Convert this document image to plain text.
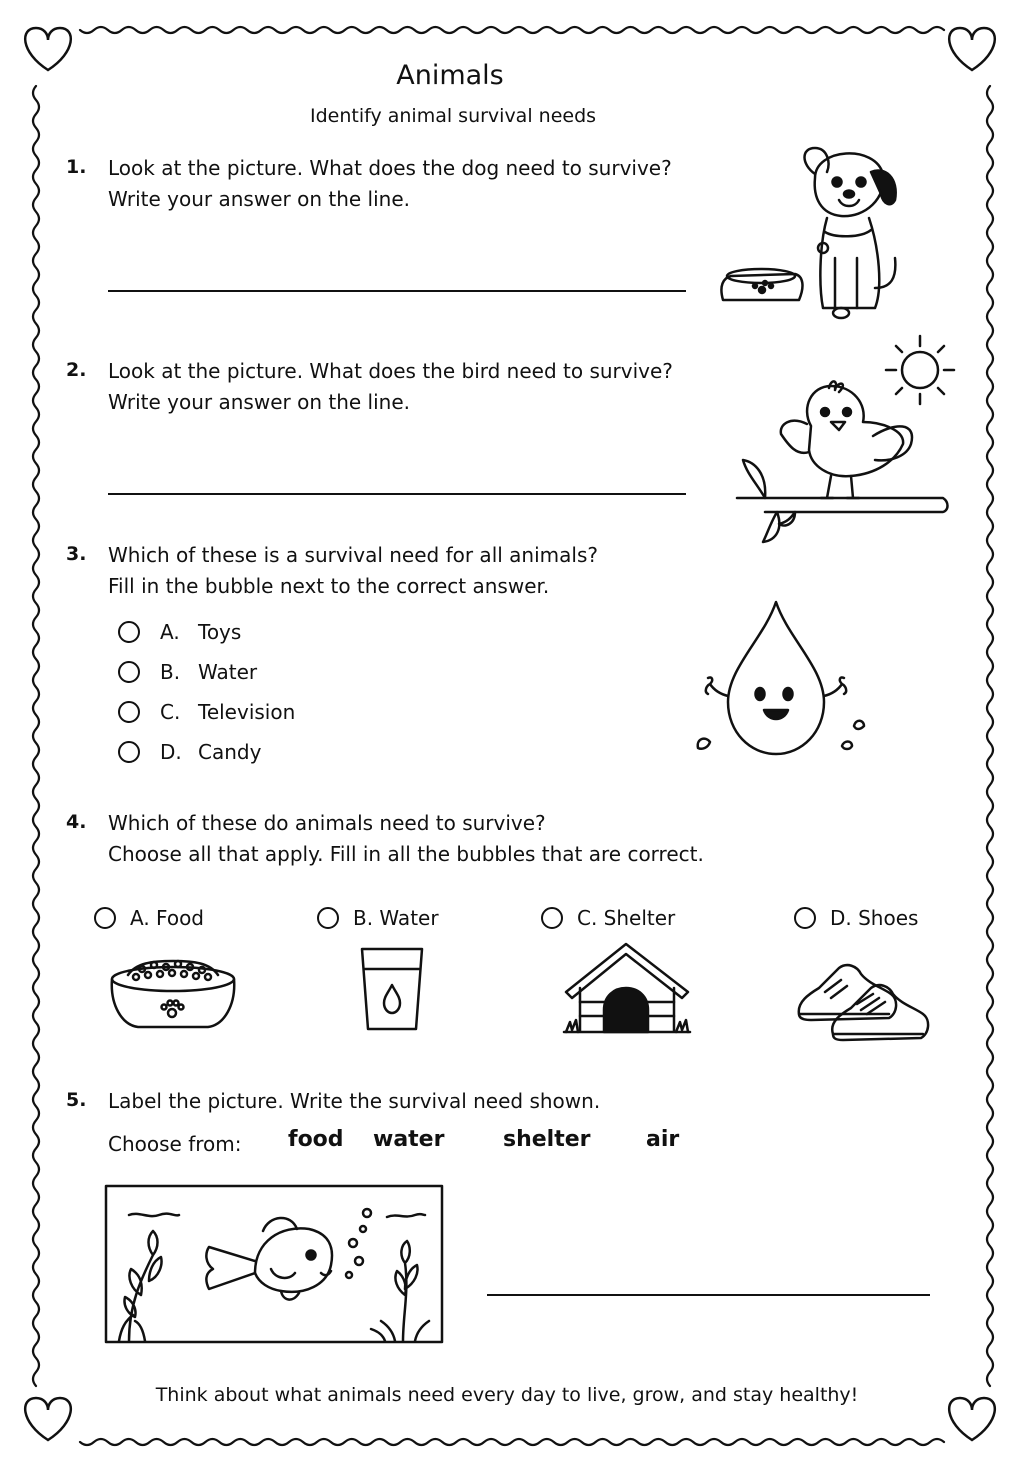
Animals
Identify animal survival needs
1. Look at the picture. What does the dog need to survive?
Write your answer on the line.
2. Look at the picture. What does the bird need to survive?
Write your answer on the line.
3. Which of these is a survival need for all animals?
Fill in the bubble next to the correct answer.
A. Toys
B. Water
C. Television
D. Candy
4. Which of these do animals need to survive?
Choose all that apply. Fill in all the bubbles that are correct.
A. Food	B. Water	C. Shelter	D. Shoes
5. Label the picture. Write the survival need shown.
Choose from: food water	shelter	air
Think about what animals need every day to live, grow, and stay healthy!
